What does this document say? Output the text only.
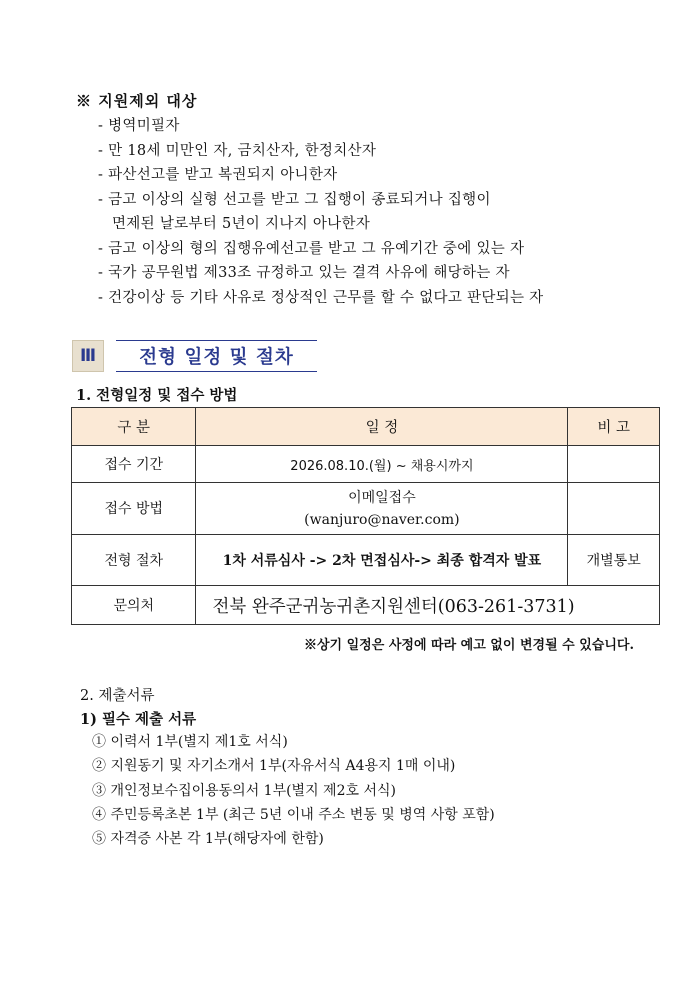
※ 지원제외 대상
- 병역미필자
- 만 18세 미만인 자, 금치산자, 한정치산자
- 파산선고를 받고 복권되지 아니한자
- 금고 이상의 실형 선고를 받고 그 집행이 종료되거나 집행이
면제된 날로부터 5년이 지나지 아나한자
- 금고 이상의 형의 집행유예선고를 받고 그 유예기간 중에 있는 자
- 국가 공무원법 제33조 규정하고 있는 결격 사유에 해당하는 자
- 건강이상 등 기타 사유로 정상적인 근무를 할 수 없다고 판단되는 자
Ⅲ	전형 일정 및 절차
1. 전형일정 및 접수 방법
구 분	일 정	비 고
접수 기간	2026.08.10.(월) ~ 채용시까지	
접수 방법	이메일접수
(wanjuro@naver.com)	

전형 절차	1차 서류심사 -> 2차 면접심사-> 최종 합격자 발표	개별통보
문의처	전북 완주군귀농귀촌지원센터(063-261-3731)	
※상기 일정은 사정에 따라 예고 없이 변경될 수 있습니다.
2. 제출서류
1) 필수 제출 서류
① 이력서 1부(별지 제1호 서식)
② 지원동기 및 자기소개서 1부(자유서식 A4용지 1매 이내)
③ 개인정보수집이용동의서 1부(별지 제2호 서식)
④ 주민등록초본 1부 (최근 5년 이내 주소 변동 및 병역 사항 포함)
⑤ 자격증 사본 각 1부(해당자에 한함)
